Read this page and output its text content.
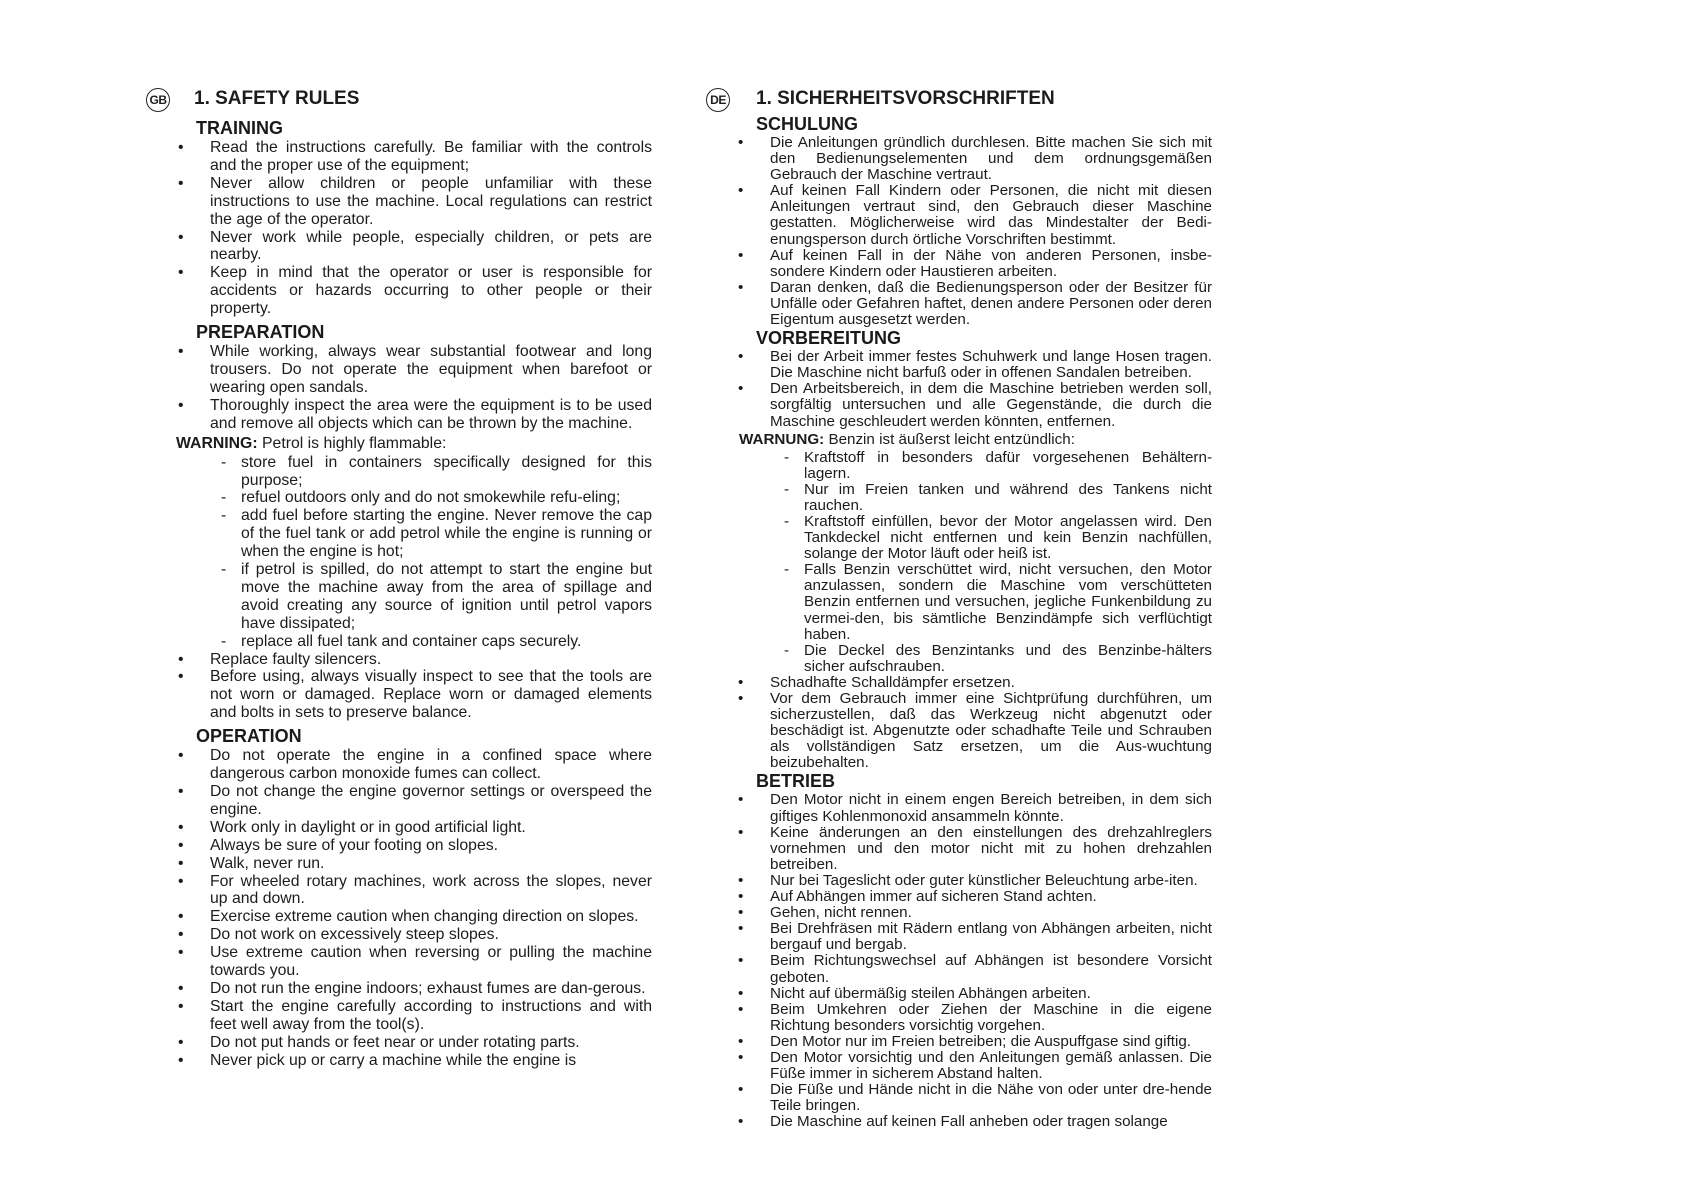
GB 1. SAFETY RULES
TRAINING
• Read the instructions carefully. Be familiar with the controls and the proper use of the equipment;
• Never allow children or people unfamiliar with these instructions to use the machine. Local regulations can restrict the age of the operator.
• Never work while people, especially children, or pets are nearby.
• Keep in mind that the operator or user is responsible for accidents or hazards occurring to other people or their property.
PREPARATION
• While working, always wear substantial footwear and long trousers. Do not operate the equipment when barefoot or wearing open sandals.
• Thoroughly inspect the area were the equipment is to be used and remove all objects which can be thrown by the machine.
WARNING: Petrol is highly flammable:
- store fuel in containers specifically designed for this purpose;
- refuel outdoors only and do not smokewhile refu-eling;
- add fuel before starting the engine. Never remove the cap of the fuel tank or add petrol while the engine is running or when the engine is hot;
- if petrol is spilled, do not attempt to start the engine but move the machine away from the area of spillage and avoid creating any source of ignition until petrol vapors have dissipated;
- replace all fuel tank and container caps securely.
• Replace faulty silencers.
• Before using, always visually inspect to see that the tools are not worn or damaged. Replace worn or damaged elements and bolts in sets to preserve balance.
OPERATION
• Do not operate the engine in a confined space where dangerous carbon monoxide fumes can collect.
• Do not change the engine governor settings or overspeed the engine.
• Work only in daylight or in good artificial light.
• Always be sure of your footing on slopes.
• Walk, never run.
• For wheeled rotary machines, work across the slopes, never up and down.
• Exercise extreme caution when changing direction on slopes.
• Do not work on excessively steep slopes.
• Use extreme caution when reversing or pulling the machine towards you.
• Do not run the engine indoors; exhaust fumes are dan-gerous.
• Start the engine carefully according to instructions and with feet well away from the tool(s).
• Do not put hands or feet near or under rotating parts.
• Never pick up or carry a machine while the engine is
DE 1. SICHERHEITSVORSCHRIFTEN
SCHULUNG
• Die Anleitungen gründlich durchlesen. Bitte machen Sie sich mit den Bedienungselementen und dem ordnungsgemäßen Gebrauch der Maschine vertraut.
• Auf keinen Fall Kindern oder Personen, die nicht mit diesen Anleitungen vertraut sind, den Gebrauch dieser Maschine gestatten. Möglicherweise wird das Mindestalter der Bedi-enungsperson durch örtliche Vorschriften bestimmt.
• Auf keinen Fall in der Nähe von anderen Personen, insbe-sondere Kindern oder Haustieren arbeiten.
• Daran denken, daß die Bedienungsperson oder der Besitzer für Unfälle oder Gefahren haftet, denen andere Personen oder deren Eigentum ausgesetzt werden.
VORBEREITUNG
• Bei der Arbeit immer festes Schuhwerk und lange Hosen tragen. Die Maschine nicht barfuß oder in offenen Sandalen betreiben.
• Den Arbeitsbereich, in dem die Maschine betrieben werden soll, sorgfältig untersuchen und alle Gegenstände, die durch die Maschine geschleudert werden könnten, entfernen.
WARNUNG: Benzin ist äußerst leicht entzündlich:
- Kraftstoff in besonders dafür vorgesehenen Behältern-lagern.
- Nur im Freien tanken und während des Tankens nicht rauchen.
- Kraftstoff einfüllen, bevor der Motor angelassen wird. Den Tankdeckel nicht entfernen und kein Benzin nachfüllen, solange der Motor läuft oder heiß ist.
- Falls Benzin verschüttet wird, nicht versuchen, den Motor anzulassen, sondern die Maschine vom verschütteten Benzin entfernen und versuchen, jegliche Funkenbildung zu vermei-den, bis sämtliche Benzindämpfe sich verflüchtigt haben.
- Die Deckel des Benzintanks und des Benzinbe-hälters sicher aufschrauben.
• Schadhafte Schalldämpfer ersetzen.
• Vor dem Gebrauch immer eine Sichtprüfung durchführen, um sicherzustellen, daß das Werkzeug nicht abgenutzt oder beschädigt ist. Abgenutzte oder schadhafte Teile und Schrauben als vollständigen Satz ersetzen, um die Aus-wuchtung beizubehalten.
BETRIEB
• Den Motor nicht in einem engen Bereich betreiben, in dem sich giftiges Kohlenmonoxid ansammeln könnte.
• Keine änderungen an den einstellungen des drehzahlreglers vornehmen und den motor nicht mit zu hohen drehzahlen betreiben.
• Nur bei Tageslicht oder guter künstlicher Beleuchtung arbe-iten.
• Auf Abhängen immer auf sicheren Stand achten.
• Gehen, nicht rennen.
• Bei Drehfräsen mit Rädern entlang von Abhängen arbeiten, nicht bergauf und bergab.
• Beim Richtungswechsel auf Abhängen ist besondere Vorsicht geboten.
• Nicht auf übermäßig steilen Abhängen arbeiten.
• Beim Umkehren oder Ziehen der Maschine in die eigene Richtung besonders vorsichtig vorgehen.
• Den Motor nur im Freien betreiben; die Auspuffgase sind giftig.
• Den Motor vorsichtig und den Anleitungen gemäß anlassen. Die Füße immer in sicherem Abstand halten.
• Die Füße und Hände nicht in die Nähe von oder unter dre-hende Teile bringen.
• Die Maschine auf keinen Fall anheben oder tragen solange
